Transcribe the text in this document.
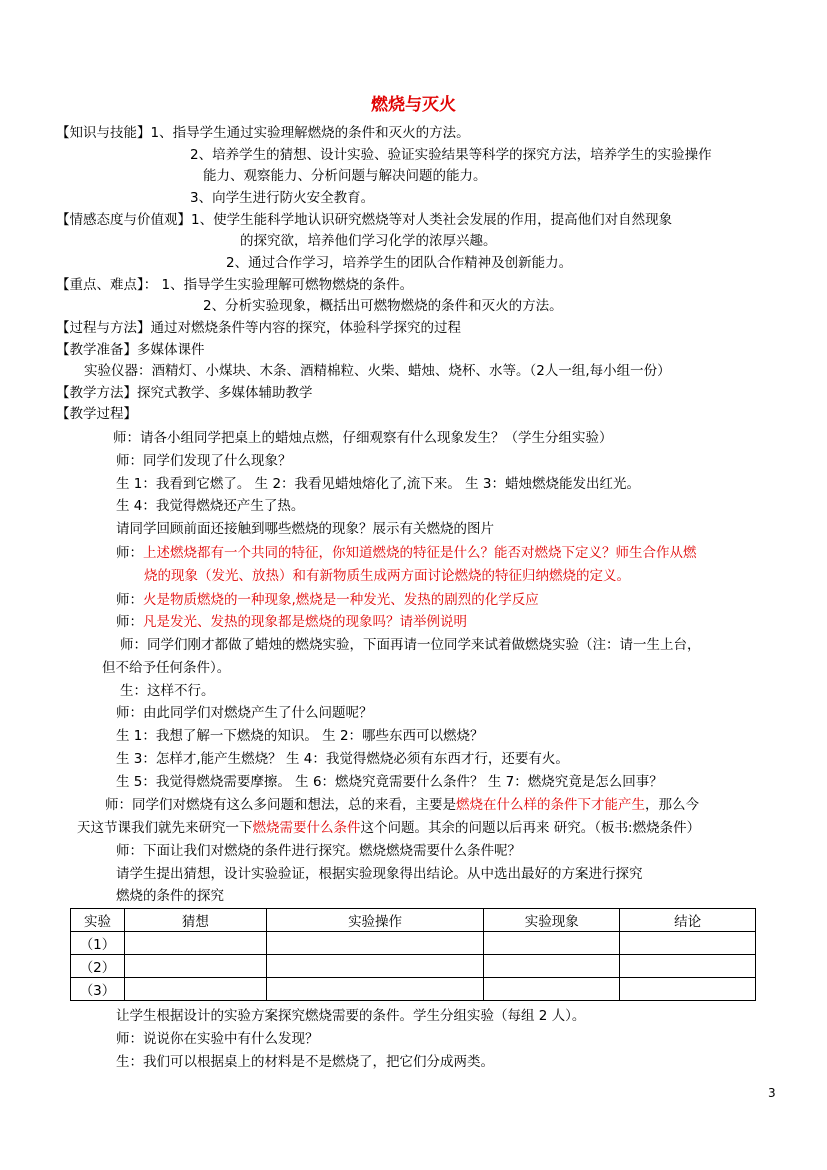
燃烧与灭火
【知识与技能】1、指导学生通过实验理解燃烧的条件和灭火的方法。
2、培养学生的猜想、设计实验、验证实验结果等科学的探究方法，培养学生的实验操作
能力、观察能力、分析问题与解决问题的能力。
3、向学生进行防火安全教育。
【情感态度与价值观】1、使学生能科学地认识研究燃烧等对人类社会发展的作用，提高他们对自然现象
的探究欲，培养他们学习化学的浓厚兴趣。
2、通过合作学习，培养学生的团队合作精神及创新能力。
【重点、难点】： 1、指导学生实验理解可燃物燃烧的条件。
2、分析实验现象，概括出可燃物燃烧的条件和灭火的方法。
【过程与方法】通过对燃烧条件等内容的探究，体验科学探究的过程
【教学准备】多媒体课件
实验仪器：酒精灯、小煤块、木条、酒精棉粒、火柴、蜡烛、烧杯、水等。（2人一组,每小组一份）
【教学方法】探究式教学、多媒体辅助教学
【教学过程】
师：请各小组同学把桌上的蜡烛点燃，仔细观察有什么现象发生？（学生分组实验）
师：同学们发现了什么现象？
生 1：我看到它燃了。 生 2：我看见蜡烛熔化了,流下来。 生 3：蜡烛燃烧能发出红光。
生 4：我觉得燃烧还产生了热。
请同学回顾前面还接触到哪些燃烧的现象？展示有关燃烧的图片
师：上述燃烧都有一个共同的特征，你知道燃烧的特征是什么？能否对燃烧下定义？师生合作从燃
烧的现象（发光、放热）和有新物质生成两方面讨论燃烧的特征归纳燃烧的定义。
师：火是物质燃烧的一种现象,燃烧是一种发光、发热的剧烈的化学反应
师：凡是发光、发热的现象都是燃烧的现象吗？请举例说明
师：同学们刚才都做了蜡烛的燃烧实验，下面再请一位同学来试着做燃烧实验（注：请一生上台，
但不给予任何条件）。
生：这样不行。
师：由此同学们对燃烧产生了什么问题呢？
生 1：我想了解一下燃烧的知识。 生 2：哪些东西可以燃烧？
生 3：怎样才,能产生燃烧？ 生 4：我觉得燃烧必须有东西才行，还要有火。
生 5：我觉得燃烧需要摩擦。 生 6：燃烧究竟需要什么条件？ 生 7：燃烧究竟是怎么回事？
师：同学们对燃烧有这么多问题和想法，总的来看，主要是燃烧在什么样的条件下才能产生，那么今
天这节课我们就先来研究一下燃烧需要什么条件这个问题。其余的问题以后再来 研究。（板书:燃烧条件）
师：下面让我们对燃烧的条件进行探究。燃烧燃烧需要什么条件呢？
请学生提出猜想，设计实验验证，根据实验现象得出结论。从中选出最好的方案进行探究
燃烧的条件的探究
实验	猜想	实验操作	实验现象	结论
（1）				
（2）				
（3）				
让学生根据设计的实验方案探究燃烧需要的条件。学生分组实验（每组 2 人）。
师：说说你在实验中有什么发现？
生：我们可以根据桌上的材料是不是燃烧了，把它们分成两类。
3
